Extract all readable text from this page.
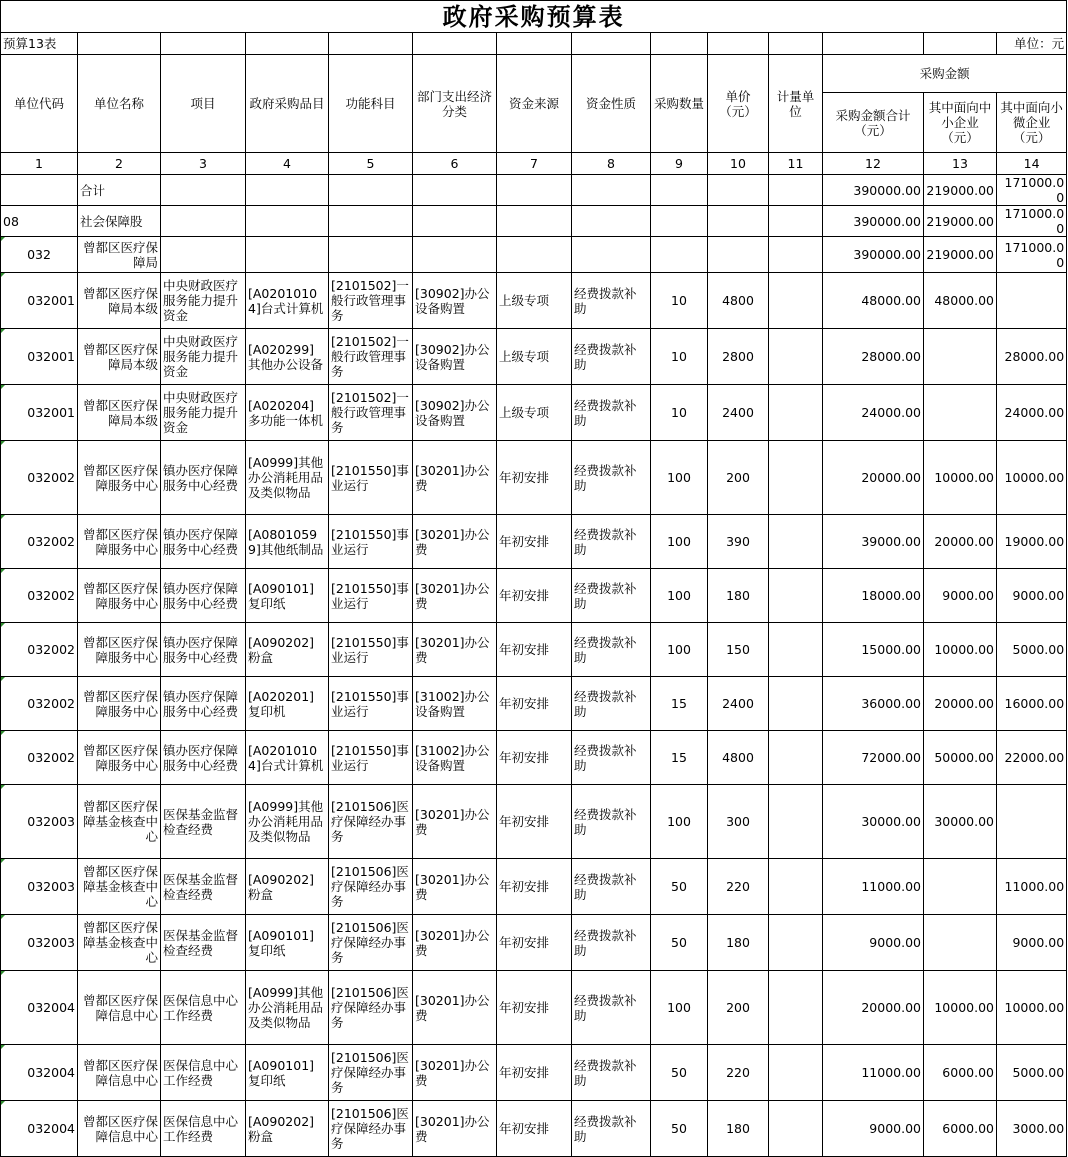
政府采购预算表													
预算13表													单位：元
单位代码	单位名称	项目	政府采购品目	功能科目	部门支出经济分类	资金来源	资金性质	采购数量	单价（元）	计量单位	采购金额		
											采购金额合计（元）	其中面向中小企业（元）	其中面向小微企业（元）
1	2	3	4	5	6	7	8	9	10	11	12	13	14
	合计										390000.00	219000.00	171000.00
08	社会保障股										390000.00	219000.00	171000.00
032	曾都区医疗保障局										390000.00	219000.00	171000.00
032001	曾都区医疗保障局本级	中央财政医疗服务能力提升资金	[A02010104]台式计算机	[2101502]一般行政管理事务	[30902]办公设备购置	上级专项	经费拨款补助	10	4800		48000.00	48000.00	
032001	曾都区医疗保障局本级	中央财政医疗服务能力提升资金	[A020299]其他办公设备	[2101502]一般行政管理事务	[30902]办公设备购置	上级专项	经费拨款补助	10	2800		28000.00		28000.00
032001	曾都区医疗保障局本级	中央财政医疗服务能力提升资金	[A020204]多功能一体机	[2101502]一般行政管理事务	[30902]办公设备购置	上级专项	经费拨款补助	10	2400		24000.00		24000.00
032002	曾都区医疗保障服务中心	镇办医疗保障服务中心经费	[A0999]其他办公消耗用品及类似物品	[2101550]事业运行	[30201]办公费	年初安排	经费拨款补助	100	200		20000.00	10000.00	10000.00
032002	曾都区医疗保障服务中心	镇办医疗保障服务中心经费	[A08010599]其他纸制品	[2101550]事业运行	[30201]办公费	年初安排	经费拨款补助	100	390		39000.00	20000.00	19000.00
032002	曾都区医疗保障服务中心	镇办医疗保障服务中心经费	[A090101]复印纸	[2101550]事业运行	[30201]办公费	年初安排	经费拨款补助	100	180		18000.00	9000.00	9000.00
032002	曾都区医疗保障服务中心	镇办医疗保障服务中心经费	[A090202]粉盒	[2101550]事业运行	[30201]办公费	年初安排	经费拨款补助	100	150		15000.00	10000.00	5000.00
032002	曾都区医疗保障服务中心	镇办医疗保障服务中心经费	[A020201]复印机	[2101550]事业运行	[31002]办公设备购置	年初安排	经费拨款补助	15	2400		36000.00	20000.00	16000.00
032002	曾都区医疗保障服务中心	镇办医疗保障服务中心经费	[A02010104]台式计算机	[2101550]事业运行	[31002]办公设备购置	年初安排	经费拨款补助	15	4800		72000.00	50000.00	22000.00
032003	曾都区医疗保障基金核查中心	医保基金监督检查经费	[A0999]其他办公消耗用品及类似物品	[2101506]医疗保障经办事务	[30201]办公费	年初安排	经费拨款补助	100	300		30000.00	30000.00	
032003	曾都区医疗保障基金核查中心	医保基金监督检查经费	[A090202]粉盒	[2101506]医疗保障经办事务	[30201]办公费	年初安排	经费拨款补助	50	220		11000.00		11000.00
032003	曾都区医疗保障基金核查中心	医保基金监督检查经费	[A090101]复印纸	[2101506]医疗保障经办事务	[30201]办公费	年初安排	经费拨款补助	50	180		9000.00		9000.00
032004	曾都区医疗保障信息中心	医保信息中心工作经费	[A0999]其他办公消耗用品及类似物品	[2101506]医疗保障经办事务	[30201]办公费	年初安排	经费拨款补助	100	200		20000.00	10000.00	10000.00
032004	曾都区医疗保障信息中心	医保信息中心工作经费	[A090101]复印纸	[2101506]医疗保障经办事务	[30201]办公费	年初安排	经费拨款补助	50	220		11000.00	6000.00	5000.00
032004	曾都区医疗保障信息中心	医保信息中心工作经费	[A090202]粉盒	[2101506]医疗保障经办事务	[30201]办公费	年初安排	经费拨款补助	50	180		9000.00	6000.00	3000.00
